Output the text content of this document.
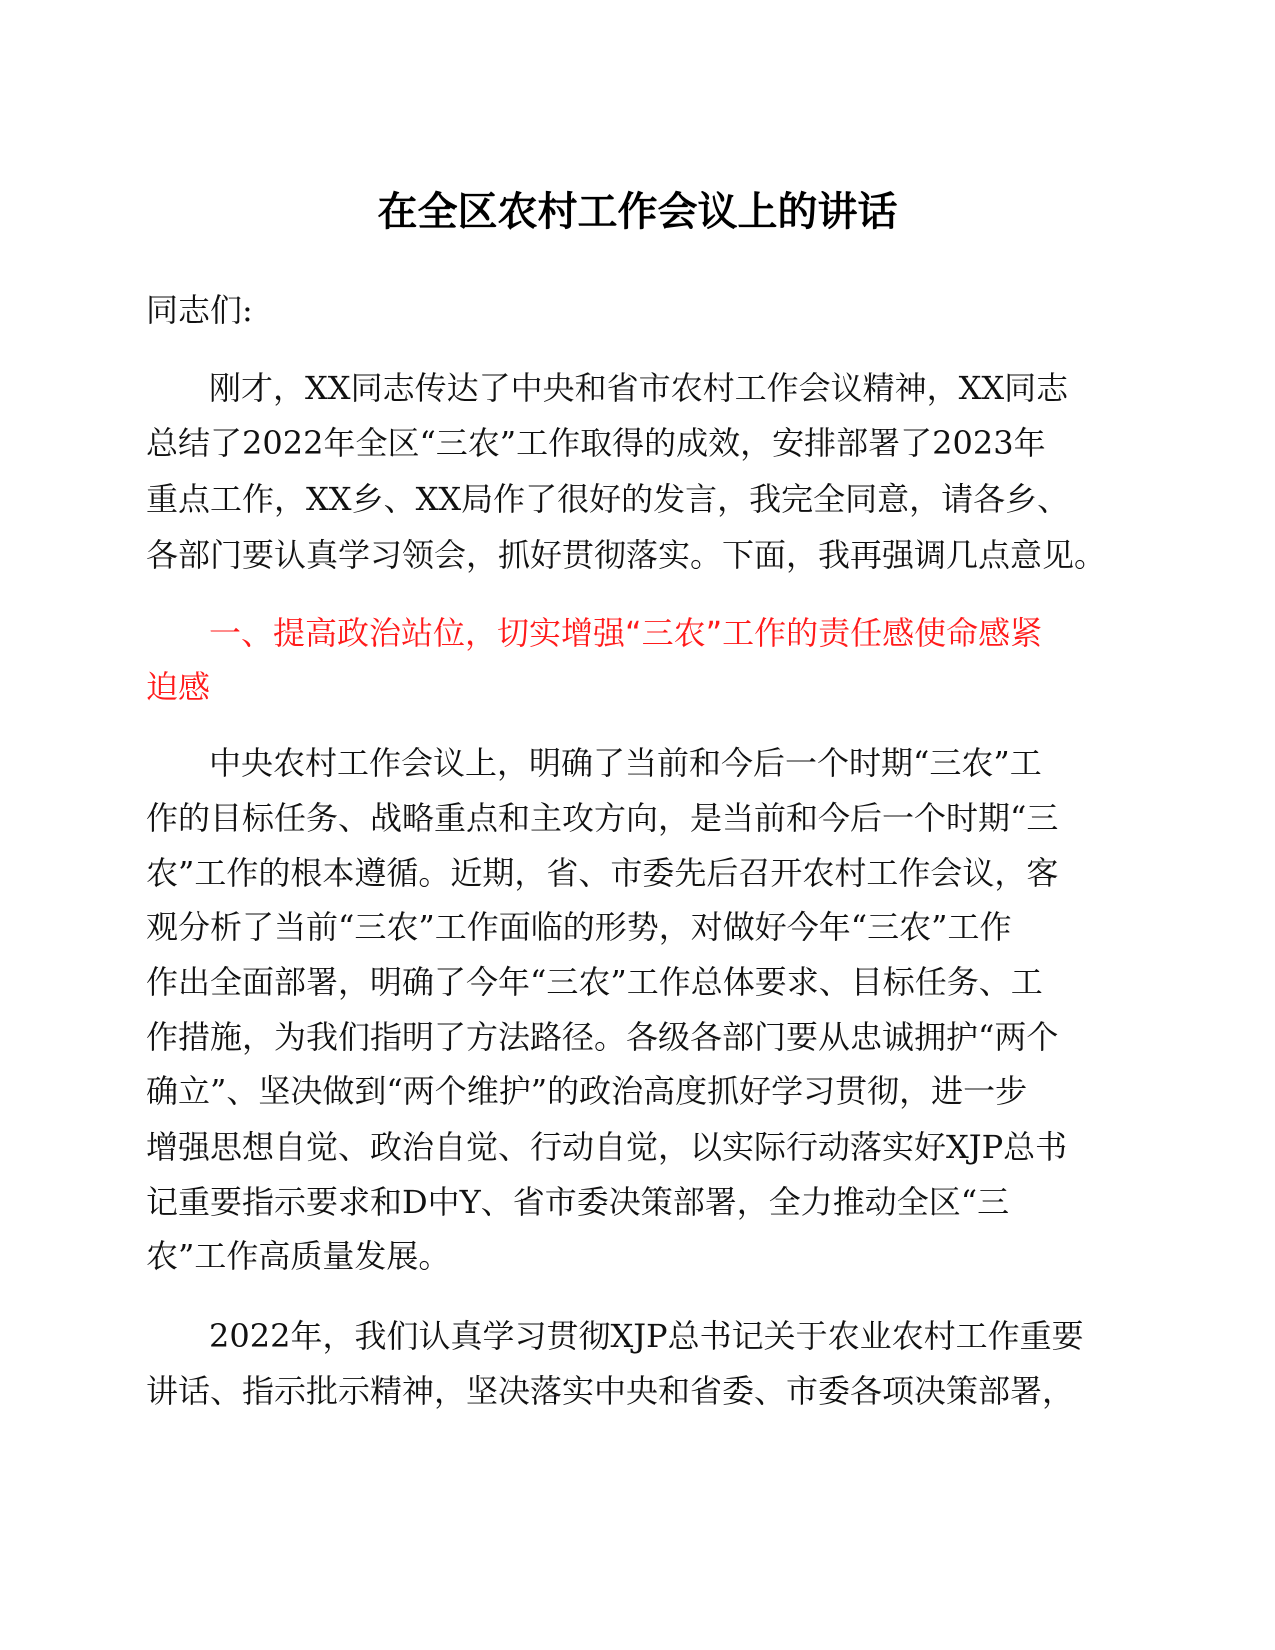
在全区农村工作会议上的讲话
同志们:
刚才，XX同志传达了中央和省市农村工作会议精神，XX同志
总结了2022年全区“三农”工作取得的成效，安排部署了2023年
重点工作，XX乡、XX局作了很好的发言，我完全同意，请各乡、
各部门要认真学习领会，抓好贯彻落实。下面，我再强调几点意见。
一、提高政治站位，切实增强“三农”工作的责任感使命感紧
迫感
中央农村工作会议上，明确了当前和今后一个时期“三农”工
作的目标任务、战略重点和主攻方向，是当前和今后一个时期“三
农”工作的根本遵循。近期，省、市委先后召开农村工作会议，客
观分析了当前“三农”工作面临的形势，对做好今年“三农”工作
作出全面部署，明确了今年“三农”工作总体要求、目标任务、工
作措施，为我们指明了方法路径。各级各部门要从忠诚拥护“两个
确立”、坚决做到“两个维护”的政治高度抓好学习贯彻，进一步
增强思想自觉、政治自觉、行动自觉，以实际行动落实好XJP总书
记重要指示要求和D中Y、省市委决策部署，全力推动全区“三
农”工作高质量发展。
2022年，我们认真学习贯彻XJP总书记关于农业农村工作重要
讲话、指示批示精神，坚决落实中央和省委、市委各项决策部署，
